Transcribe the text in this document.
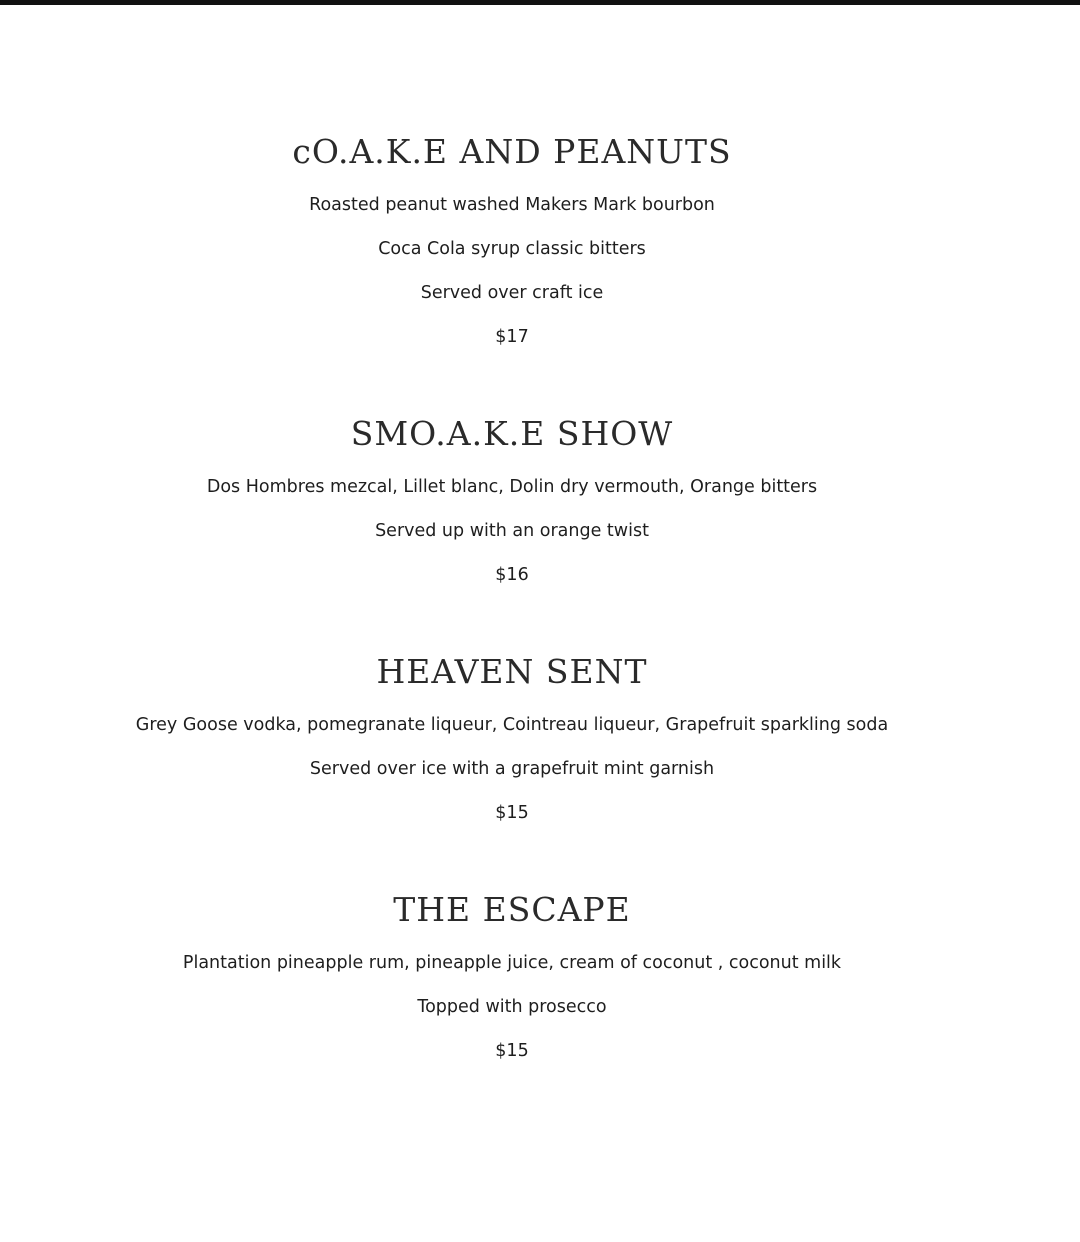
cO.A.K.E AND PEANUTS
Roasted peanut washed Makers Mark bourbon
Coca Cola syrup classic bitters
Served over craft ice
$17
SMO.A.K.E SHOW
Dos Hombres mezcal, Lillet blanc, Dolin dry vermouth, Orange bitters
Served up with an orange twist
$16
HEAVEN SENT
Grey Goose vodka, pomegranate liqueur, Cointreau liqueur, Grapefruit sparkling soda
Served over ice with a grapefruit mint garnish
$15
THE ESCAPE
Plantation pineapple rum, pineapple juice, cream of coconut , coconut milk
Topped with prosecco
$15
